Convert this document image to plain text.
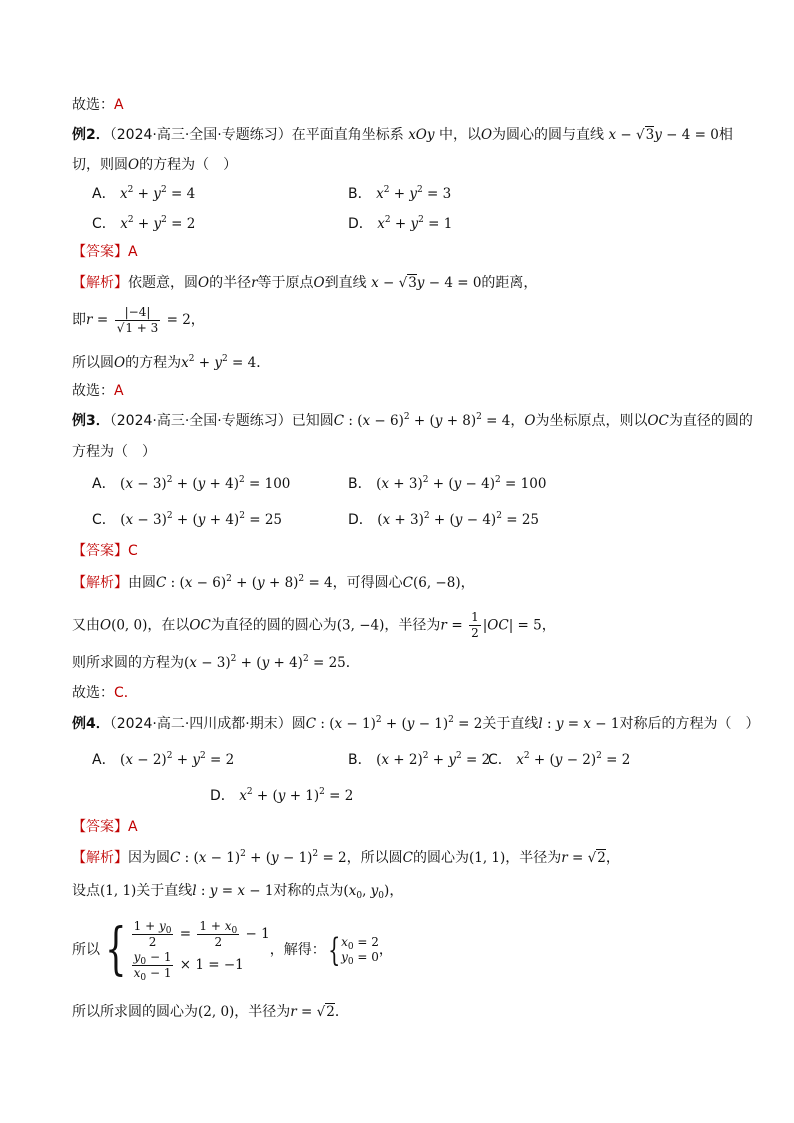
故选：A
例2．（2024·高三·全国·专题练习）在平面直角坐标系 xOy 中，以O为圆心的圆与直线 x − √3y − 4 = 0相
切，则圆O的方程为（　）
A． $x^2 + y^2 = 4$	B． $x^2 + y^2 = 3$
C． $x^2 + y^2 = 2$	D． $x^2 + y^2 = 1$
【答案】A
【解析】依题意，圆O的半径r等于原点O到直线 x − √3y − 4 = 0的距离，
即$r = \frac{|-4|}{√1 + 3} = 2$，
所以圆O的方程为$x^2 + y^2 = 4$．
故选：A
例3．（2024·高三·全国·专题练习）已知圆C : $(x - 6)^2 + (y + 8)^2 = 4$，O为坐标原点，则以OC为直径的圆的
方程为（　）
A． $(x - 3)^2 + (y + 4)^2 = 100$	B． $(x + 3)^2 + (y - 4)^2 = 100$
C． $(x - 3)^2 + (y + 4)^2 = 25$	D． $(x + 3)^2 + (y - 4)^2 = 25$
【答案】C
【解析】由圆C : $(x - 6)^2 + (y + 8)^2 = 4$，可得圆心C(6, −8)，
又由O(0, 0)，在以OC为直径的圆的圆心为(3, −4)，半径为$r = \frac{1}{2} |OC| = 5$，
则所求圆的方程为$(x - 3)^2 + (y + 4)^2 = 25$．
故选：C．
例4．（2024·高二·四川成都·期末）圆C : $(x - 1)^2 + (y - 1)^2 = 2$关于直线l : y = x − 1对称后的方程为（　）
A． $(x - 2)^2 + y^2 = 2$	B． $(x + 2)^2 + y^2 = 2$
C． $x^2 + (y - 2)^2 = 2$
D． $x^2 + (y + 1)^2 = 2$
【答案】A
【解析】因为圆C : $(x - 1)^2 + (y - 1)^2 = 2$，所以圆C的圆心为(1, 1)，半径为r = √2，
设点(1, 1)关于直线l : y = x − 1对称的点为($x_0$, $y_0$)，
所以{ $\frac{1 + y_0}{2} = \frac{1 + x_0}{2} - 1$
$\frac{y_0 - 1}{x_0 - 1} \times 1 = -1$
，解得：{ $x_0 = 2$
$y_0 = 0$ ，
所以所求圆的圆心为(2, 0)，半径为r = √2．
